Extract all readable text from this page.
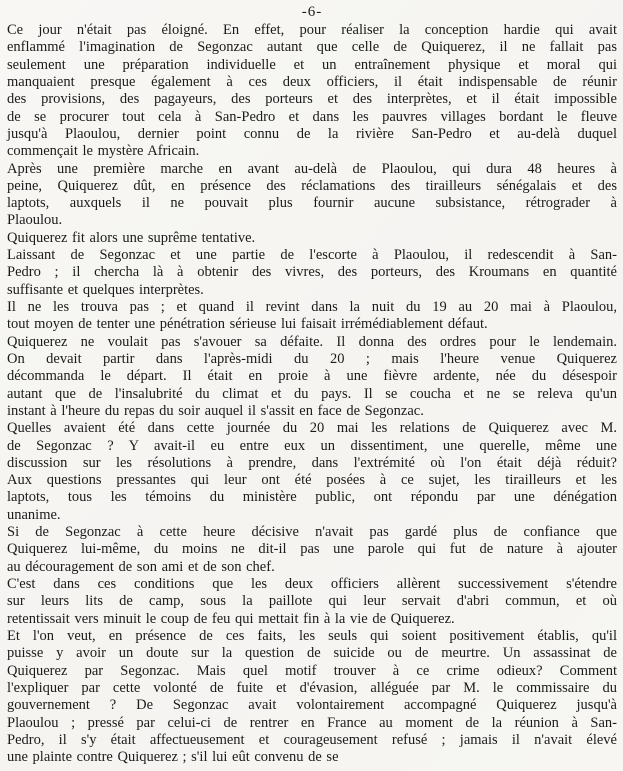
-6-
Ce jour n'était pas éloigné. En effet, pour réaliser la conception hardie qui avait
enflammé l'imagination de Segonzac autant que celle de Quiquerez, il ne fallait pas
seulement une préparation individuelle et un entraînement physique et moral qui
manquaient presque également à ces deux officiers, il était indispensable de réunir
des provisions, des pagayeurs, des porteurs et des interprètes, et il était impossible
de se procurer tout cela à San-Pedro et dans les pauvres villages bordant le fleuve
jusqu'à Plaoulou, dernier point connu de la rivière San-Pedro et au-delà duquel
commençait le mystère Africain.
Après une première marche en avant au-delà de Plaoulou, qui dura 48 heures à
peine, Quiquerez dût, en présence des réclamations des tirailleurs sénégalais et des
laptots, auxquels il ne pouvait plus fournir aucune subsistance, rétrograder à
Plaoulou.
Quiquerez fit alors une suprême tentative.
Laissant de Segonzac et une partie de l'escorte à Plaoulou, il redescendit à San-
Pedro ; il chercha là à obtenir des vivres, des porteurs, des Kroumans en quantité
suffisante et quelques interprètes.
Il ne les trouva pas ; et quand il revint dans la nuit du 19 au 20 mai à Plaoulou,
tout moyen de tenter une pénétration sérieuse lui faisait irrémédiablement défaut.
Quiquerez ne voulait pas s'avouer sa défaite. Il donna des ordres pour le lendemain.
On devait partir dans l'après-midi du 20 ; mais l'heure venue Quiquerez
décommanda le départ. Il était en proie à une fièvre ardente, née du désespoir
autant que de l'insalubrité du climat et du pays. Il se coucha et ne se releva qu'un
instant à l'heure du repas du soir auquel il s'assit en face de Segonzac.
Quelles avaient été dans cette journée du 20 mai les relations de Quiquerez avec M.
de Segonzac ? Y avait-il eu entre eux un dissentiment, une querelle, même une
discussion sur les résolutions à prendre, dans l'extrémité où l'on était déjà réduit?
Aux questions pressantes qui leur ont été posées à ce sujet, les tirailleurs et les
laptots, tous les témoins du ministère public, ont répondu par une dénégation
unanime.
Si de Segonzac à cette heure décisive n'avait pas gardé plus de confiance que
Quiquerez lui-même, du moins ne dit-il pas une parole qui fut de nature à ajouter
au découragement de son ami et de son chef.
C'est dans ces conditions que les deux officiers allèrent successivement s'étendre
sur leurs lits de camp, sous la paillote qui leur servait d'abri commun, et où
retentissait vers minuit le coup de feu qui mettait fin à la vie de Quiquerez.
Et l'on veut, en présence de ces faits, les seuls qui soient positivement établis, qu'il
puisse y avoir un doute sur la question de suicide ou de meurtre. Un assassinat de
Quiquerez par Segonzac. Mais quel motif trouver à ce crime odieux? Comment
l'expliquer par cette volonté de fuite et d'évasion, alléguée par M. le commissaire du
gouvernement ? De Segonzac avait volontairement accompagné Quiquerez jusqu'à
Plaoulou ; pressé par celui-ci de rentrer en France au moment de la réunion à San-
Pedro, il s'y était affectueusement et courageusement refusé ; jamais il n'avait élevé
une plainte contre Quiquerez ; s'il lui eût convenu de se
